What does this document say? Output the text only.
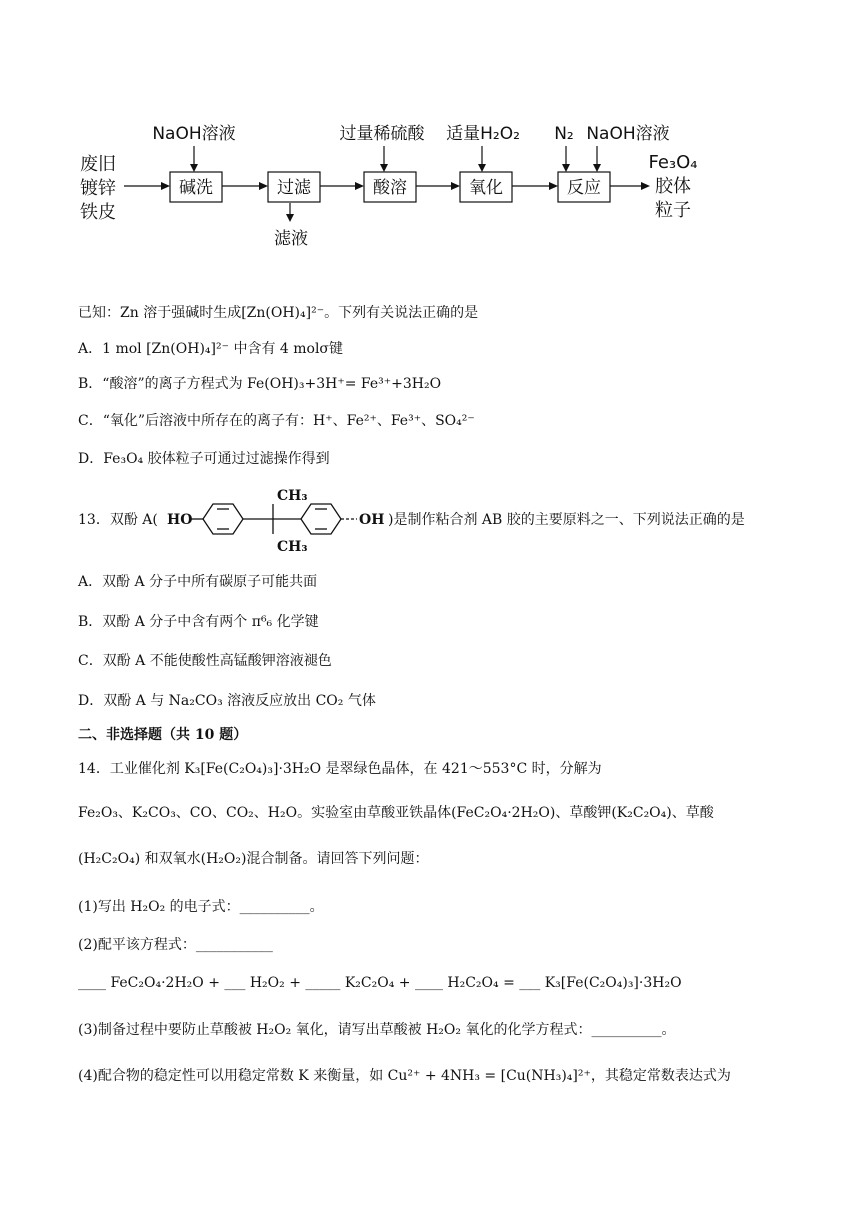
废旧
镀锌
铁皮
碱洗	过滤	酸溶	氧化	反应
NaOH溶液	过量稀硫酸 适量H₂O₂ N₂ NaOH溶液
滤液
Fe₃O₄
胶体
粒子
已知：Zn 溶于强碱时生成[Zn(OH)₄]²⁻。下列有关说法正确的是
A．1 mol [Zn(OH)₄]²⁻ 中含有 4 molσ键
B．“酸溶”的离子方程式为 Fe(OH)₃+3H⁺= Fe³⁺+3H₂O
C．“氧化”后溶液中所存在的离子有：H⁺、Fe²⁺、Fe³⁺、SO₄²⁻
D．Fe₃O₄ 胶体粒子可通过过滤操作得到
13．双酚 A( HO	OH
CH₃
CH₃
)是制作粘合剂 AB 胶的主要原料之一、下列说法正确的是
A．双酚 A 分子中所有碳原子可能共面
B．双酚 A 分子中含有两个 π⁶₆ 化学键
C．双酚 A 不能使酸性高锰酸钾溶液褪色
D．双酚 A 与 Na₂CO₃ 溶液反应放出 CO₂ 气体
二、非选择题（共 10 题）
14．工业催化剂 K₃[Fe(C₂O₄)₃]·3H₂O 是翠绿色晶体，在 421～553°C 时，分解为
Fe₂O₃、K₂CO₃、CO、CO₂、H₂O。实验室由草酸亚铁晶体(FeC₂O₄·2H₂O)、草酸钾(K₂C₂O₄)、草酸
(H₂C₂O₄) 和双氧水(H₂O₂)混合制备。请回答下列问题：
(1)写出 H₂O₂ 的电子式：__________。
(2)配平该方程式：___________
____ FeC₂O₄·2H₂O + ___ H₂O₂ + _____ K₂C₂O₄ + ____ H₂C₂O₄ = ___ K₃[Fe(C₂O₄)₃]·3H₂O
(3)制备过程中要防止草酸被 H₂O₂ 氧化，请写出草酸被 H₂O₂ 氧化的化学方程式：__________。
(4)配合物的稳定性可以用稳定常数 K 来衡量，如 Cu²⁺ + 4NH₃ = [Cu(NH₃)₄]²⁺，其稳定常数表达式为
